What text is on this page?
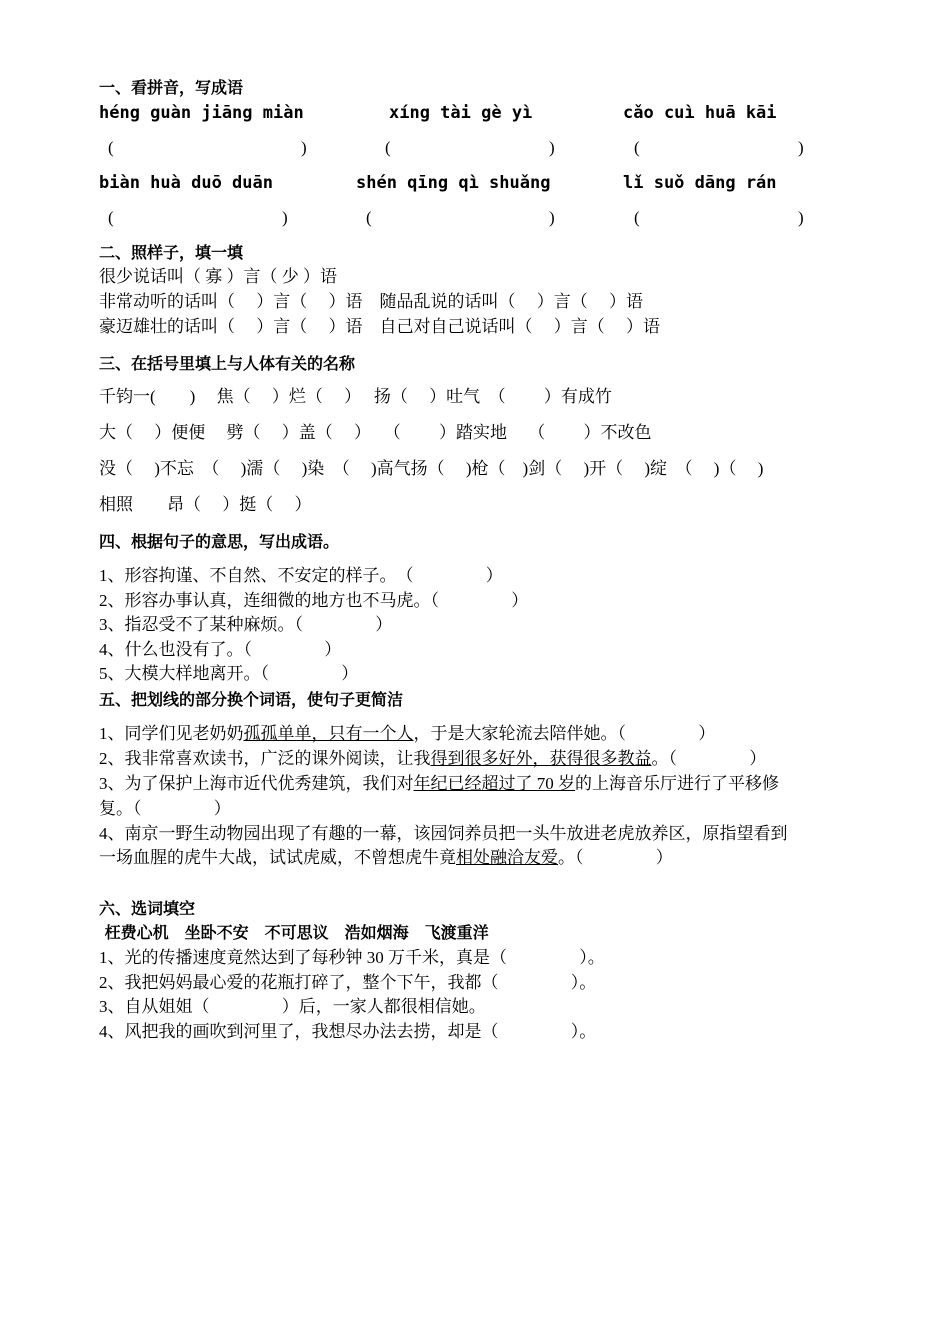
一、看拼音，写成语
héng guàn jiāng miàn	xíng tài gè yì	cǎo cuì huā kāi
(	)	(	)	(	)
biàn huà duō duān	shén qīng qì shuǎng	lǐ suǒ dāng rán
(	)	(	)	(	)
二、照样子，填一填
很少说话叫（ 寡 ）言（ 少 ）语
非常动听的话叫（　 ）言（　 ）语　随品乱说的话叫（　 ）言（　 ）语
豪迈雄壮的话叫（　 ）言（　 ）语　自己对自己说话叫（　 ）言（　 ）语
三、在括号里填上与人体有关的名称
千钧一(　　)　 焦（　 ）烂（　 ）　 扬（　 ）吐气　（　　 ）有成竹
大（　 ）便便　 劈（　 ）盖（　 ）　 （　　 ）踏实地　 （　　 ）不改色
没（　 )不忘　（　 )濡（　 )染　（　 )高气扬（　 )枪（　)剑（　 )开（　 )绽　（　 )（　 )
相照　　昂（　 ）挺（　 ）
四、根据句子的意思，写出成语。
1、形容拘谨、不自然、不安定的样子。　（　　　　 ）
2、形容办事认真，连细微的地方也不马虎。（　　　　 ）
3、指忍受不了某种麻烦。（　　　　 ）
4、什么也没有了。（　　　　 ）
5、大模大样地离开。（　　　　 ）
五、把划线的部分换个词语，使句子更简洁
1、同学们见老奶奶孤孤单单，只有一个人，于是大家轮流去陪伴她。（　　　　 ）
2、我非常喜欢读书，广泛的课外阅读，让我得到很多好外，获得很多教益。（　　　　 ）
3、为了保护上海市近代优秀建筑，我们对年纪已经超过了 70 岁的上海音乐厅进行了平移修
复。（　　　　 ）
4、南京一野生动物园出现了有趣的一幕，该园饲养员把一头牛放进老虎放养区，原指望看到
一场血腥的虎牛大战，试试虎威，不曾想虎牛竟相处融洽友爱。（　　　　 ）
六、选词填空
枉费心机　坐卧不安　不可思议　浩如烟海　飞渡重洋
1、光的传播速度竟然达到了每秒钟 30 万千米，真是（　　　　 ）。
2、我把妈妈最心爱的花瓶打碎了，整个下午，我都（　　　　 ）。
3、自从姐姐（　　　　 ）后，一家人都很相信她。
4、风把我的画吹到河里了，我想尽办法去捞，却是（　　　　 ）。
